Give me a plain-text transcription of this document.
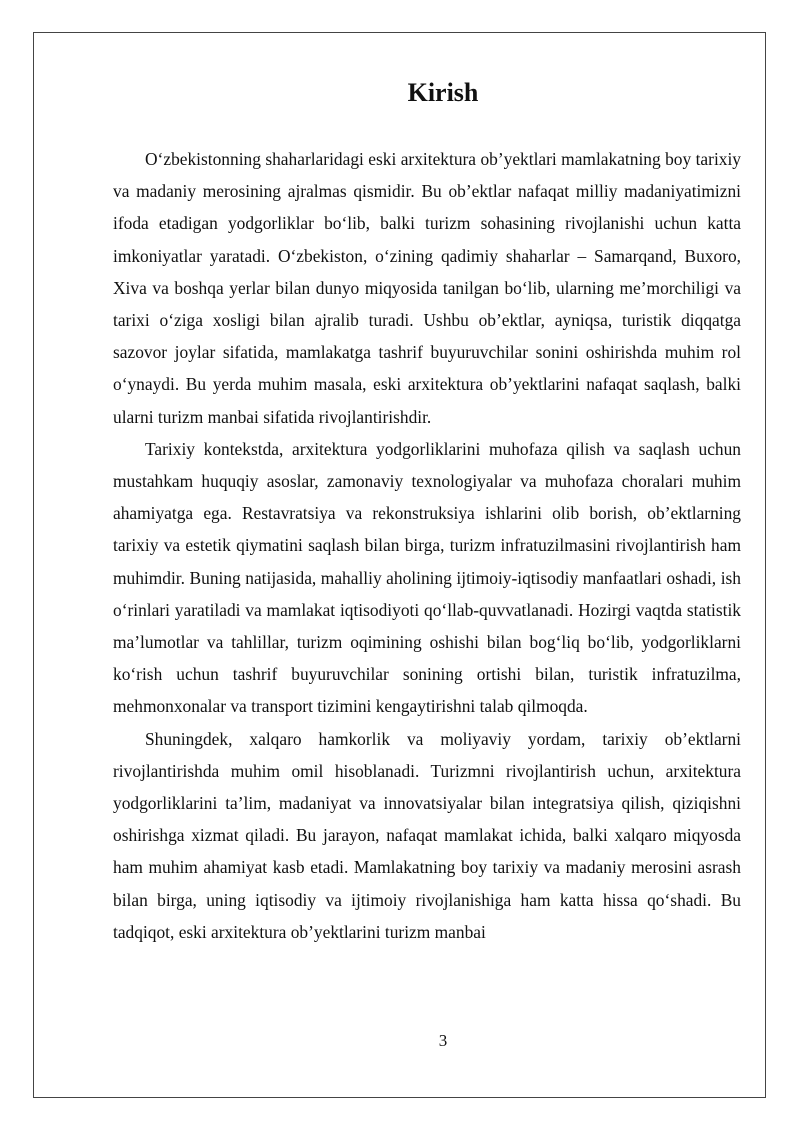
Kirish

O‘zbekistonning shaharlaridagi eski arxitektura ob’yektlari mamlakatning boy tarixiy va madaniy merosining ajralmas qismidir. Bu ob’ektlar nafaqat milliy madaniyatimizni ifoda etadigan yodgorliklar bo‘lib, balki turizm sohasining rivojlanishi uchun katta imkoniyatlar yaratadi. O‘zbekiston, o‘zining qadimiy shaharlar – Samarqand, Buxoro, Xiva va boshqa yerlar bilan dunyo miqyosida tanilgan bo‘lib, ularning me’morchiligi va tarixi o‘ziga xosligi bilan ajralib turadi. Ushbu ob’ektlar, ayniqsa, turistik diqqatga sazovor joylar sifatida, mamlakatga tashrif buyuruvchilar sonini oshirishda muhim rol o‘ynaydi. Bu yerda muhim masala, eski arxitektura ob’yektlarini nafaqat saqlash, balki ularni turizm manbai sifatida rivojlantirishdir.

Tarixiy kontekstda, arxitektura yodgorliklarini muhofaza qilish va saqlash uchun mustahkam huquqiy asoslar, zamonaviy texnologiyalar va muhofaza choralari muhim ahamiyatga ega. Restavratsiya va rekonstruksiya ishlarini olib borish, ob’ektlarning tarixiy va estetik qiymatini saqlash bilan birga, turizm infratuzilmasini rivojlantirish ham muhimdir. Buning natijasida, mahalliy aholining ijtimoiy-iqtisodiy manfaatlari oshadi, ish o‘rinlari yaratiladi va mamlakat iqtisodiyoti qo‘llab-quvvatlanadi. Hozirgi vaqtda statistik ma’lumotlar va tahlillar, turizm oqimining oshishi bilan bog‘liq bo‘lib, yodgorliklarni ko‘rish uchun tashrif buyuruvchilar sonining ortishi bilan, turistik infratuzilma, mehmonxonalar va transport tizimini kengaytirishni talab qilmoqda.

Shuningdek, xalqaro hamkorlik va moliyaviy yordam, tarixiy ob’ektlarni rivojlantirishda muhim omil hisoblanadi. Turizmni rivojlantirish uchun, arxitektura yodgorliklarini ta’lim, madaniyat va innovatsiyalar bilan integratsiya qilish, qiziqishni oshirishga xizmat qiladi. Bu jarayon, nafaqat mamlakat ichida, balki xalqaro miqyosda ham muhim ahamiyat kasb etadi. Mamlakatning boy tarixiy va madaniy merosini asrash bilan birga, uning iqtisodiy va ijtimoiy rivojlanishiga ham katta hissa qo‘shadi. Bu tadqiqot, eski arxitektura ob’yektlarini turizm manbai

3
